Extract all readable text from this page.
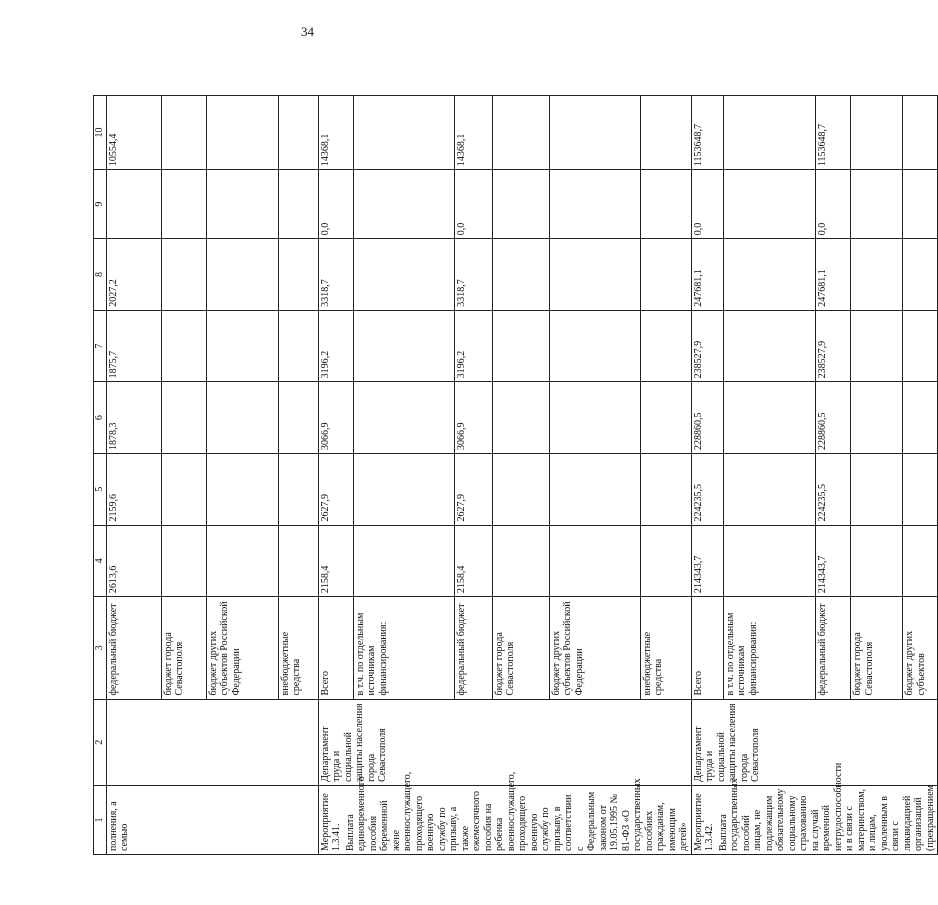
34
1	2	3	4	5	6	7	8	9	10

полнения, а семью		федеральный бюджет	2613,6	2159,6	1878,3	1875,7	2027,2		10554,4
		бюджет города Севастополя							
		бюджет других субъектов Российской Федерации							
		внебюджетные средства							

Мероприятие 1.3.41. Выплата единовременного пособия беременной жене военнослужащего, проходящего военную службу по призыву, а также ежемесячного пособия на ребенка военнослужащего, проходящего военную службу по призыву, в соответствии с Федеральным законом от 19.05.1995 № 81-ФЗ «О государственных пособиях гражданам, имеющим детей»	Департамент труда и социальной защиты населения города Севастополя	Всего	2158,4	2627,9	3066,9	3196,2	3318,7	0,0	14368,1
		в т.ч. по отдельным источникам финансирования:							
		федеральный бюджет	2158,4	2627,9	3066,9	3196,2	3318,7	0,0	14368,1
		бюджет города Севастополя							
		бюджет других субъектов Российской Федерации							
		внебюджетные средства							

Мероприятие 1.3.42. Выплата государственных пособий лицам, не подлежащим обязательному социальному страхованию на случай временной нетрудоспособности и в связи с материнством, и лицам, уволенным в связи с ликвидацией организаций (прекращением	Департамент труда и социальной защиты населения города Севастополя	Всего	214343,7	224235,5	228860,5	238527,9	247681,1	0,0	1153648,7
		в т.ч. по отдельным источникам финансирования:							
		федеральный бюджет	214343,7	224235,5	228860,5	238527,9	247681,1	0,0	1153648,7
		бюджет города Севастополя							
		бюджет других субъектов							
